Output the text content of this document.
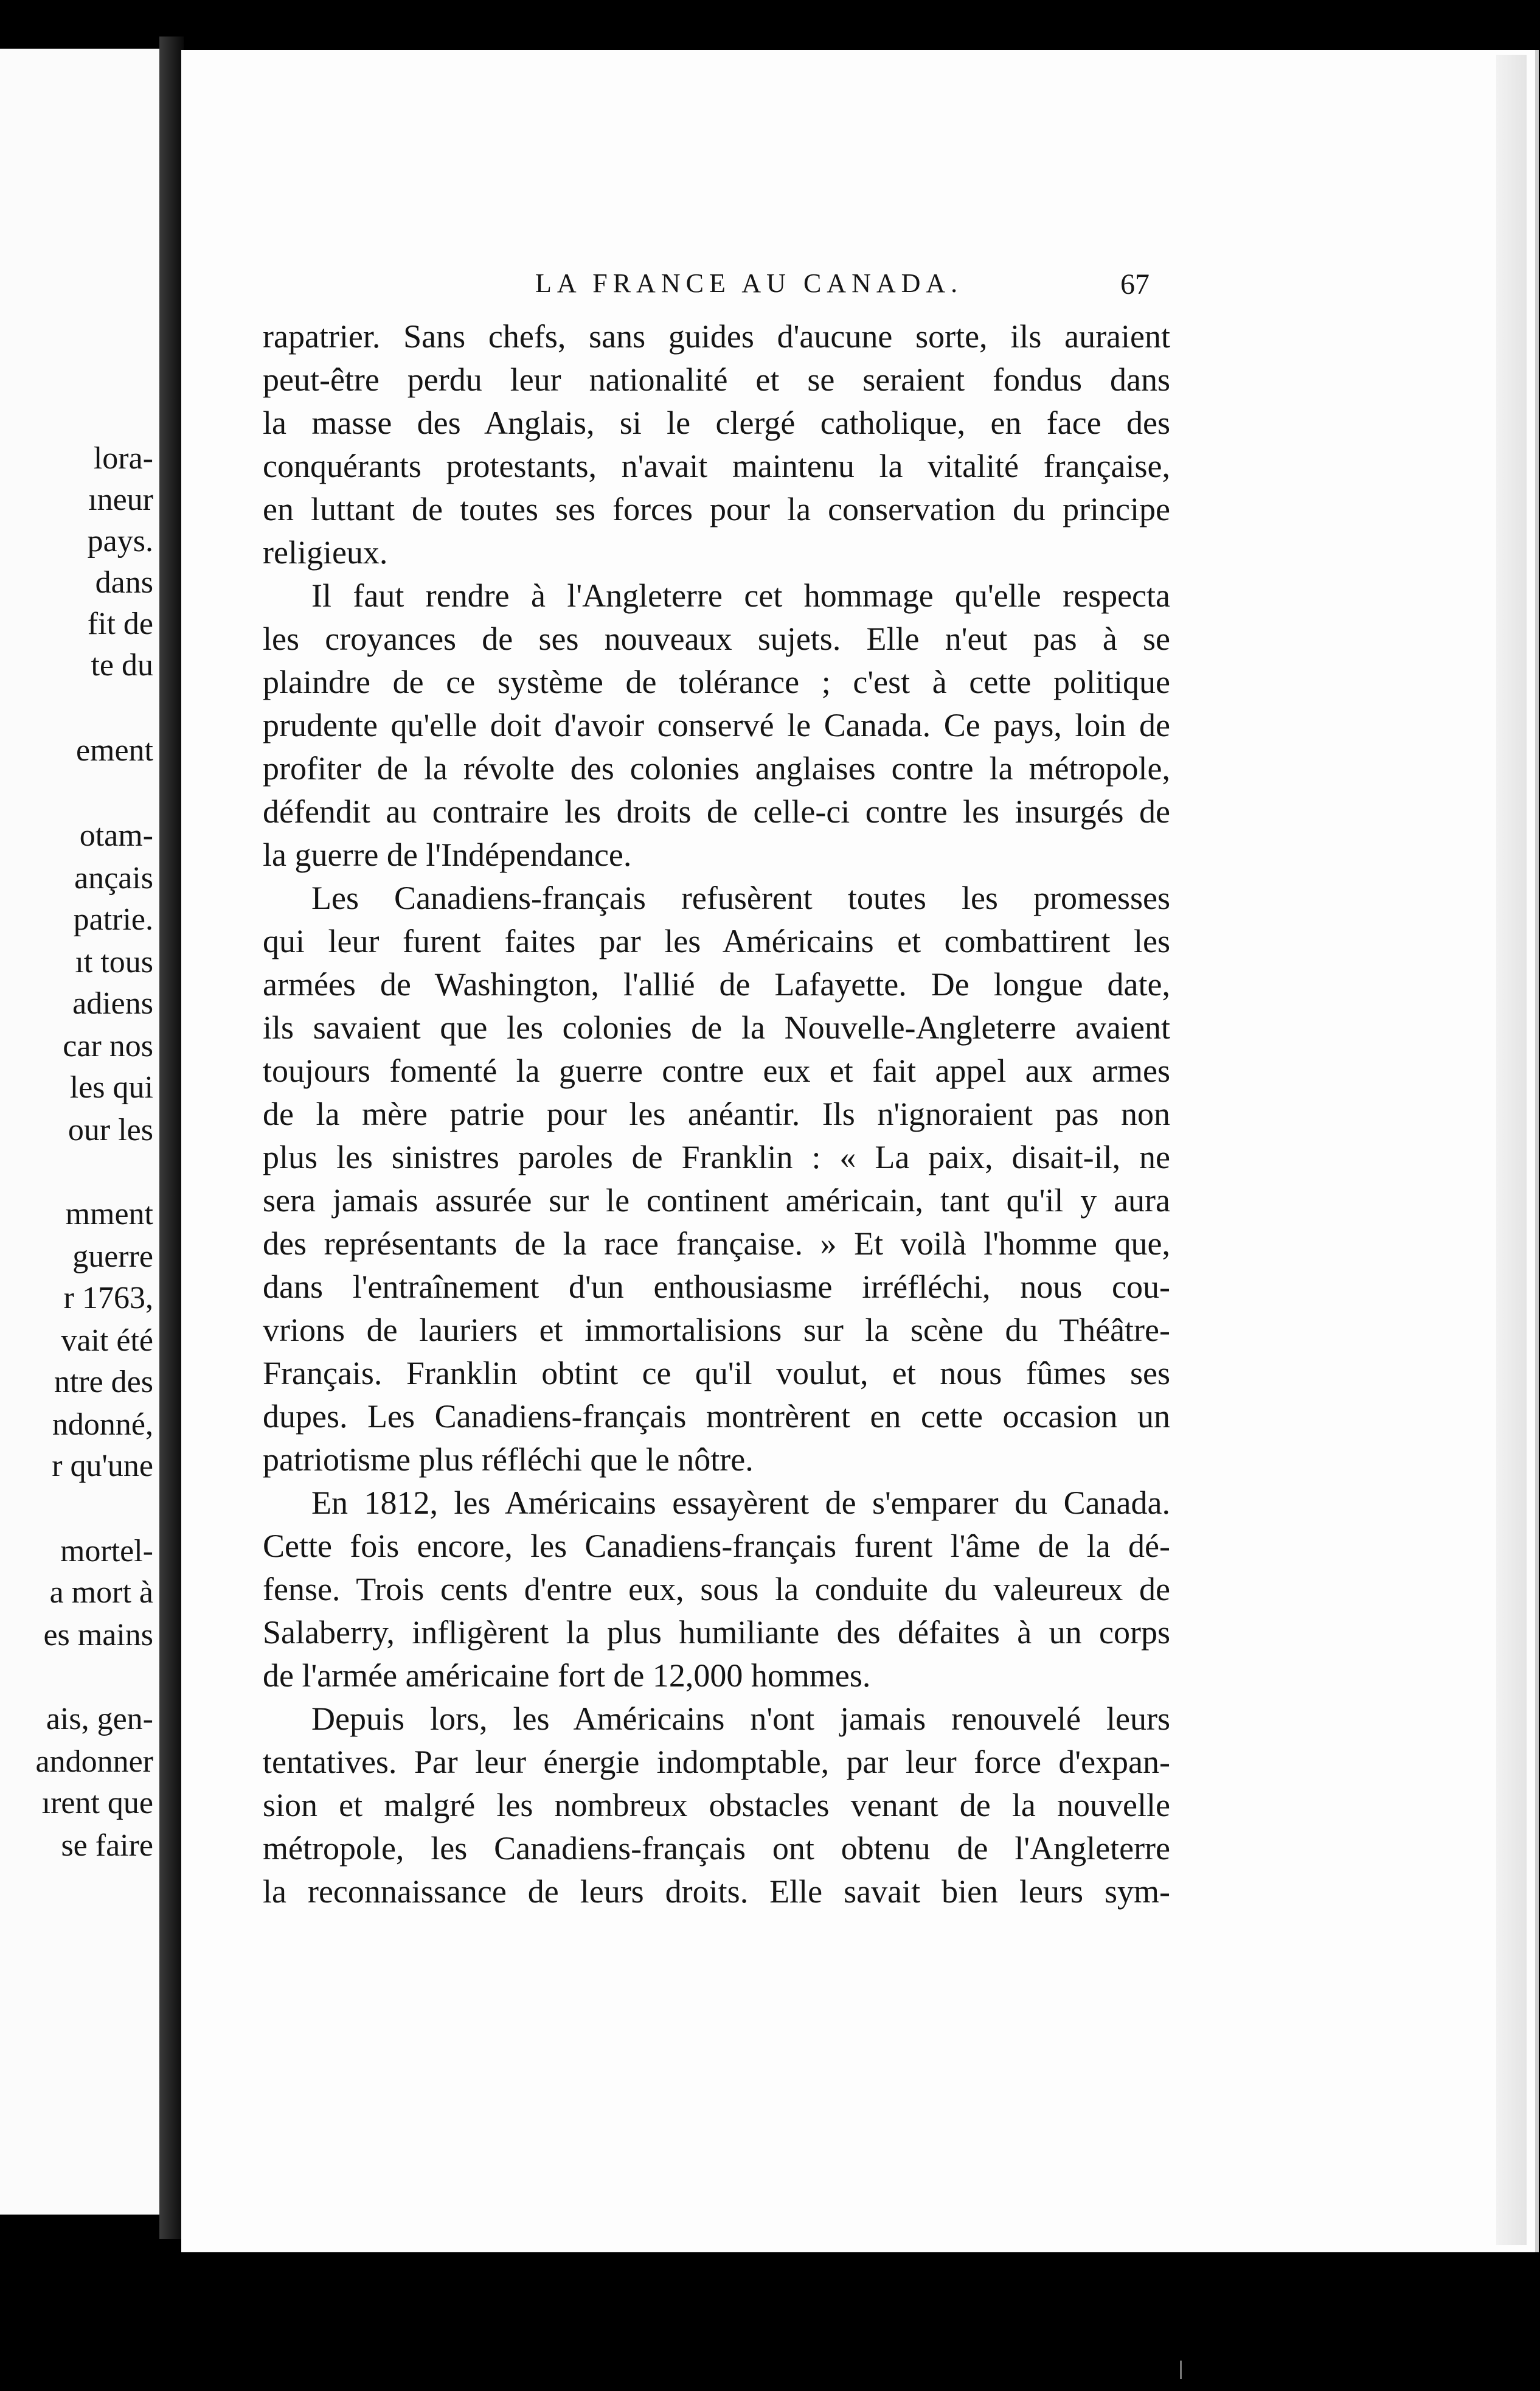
lora-
ıneur
pays.
dans
fit de
te du
ement
otam-
ançais
patrie.
ıt tous
adiens
car nos
les qui
our les
mment
guerre
r 1763,
vait été
ntre des
ndonné,
r qu'une
mortel-
a mort à
es mains
ais, gen-
andonner
ırent que
se faire
LA FRANCE AU CANADA.	67
rapatrier. Sans chefs, sans guides d'aucune sorte, ils auraient
peut-être perdu leur nationalité et se seraient fondus dans
la masse des Anglais, si le clergé catholique, en face des
conquérants protestants, n'avait maintenu la vitalité française,
en luttant de toutes ses forces pour la conservation du principe
religieux.
Il faut rendre à l'Angleterre cet hommage qu'elle respecta
les croyances de ses nouveaux sujets. Elle n'eut pas à se
plaindre de ce système de tolérance ; c'est à cette politique
prudente qu'elle doit d'avoir conservé le Canada. Ce pays, loin de
profiter de la révolte des colonies anglaises contre la métropole,
défendit au contraire les droits de celle-ci contre les insurgés de
la guerre de l'Indépendance.
Les Canadiens-français refusèrent toutes les promesses
qui leur furent faites par les Américains et combattirent les
armées de Washington, l'allié de Lafayette. De longue date,
ils savaient que les colonies de la Nouvelle-Angleterre avaient
toujours fomenté la guerre contre eux et fait appel aux armes
de la mère patrie pour les anéantir. Ils n'ignoraient pas non
plus les sinistres paroles de Franklin : « La paix, disait-il, ne
sera jamais assurée sur le continent américain, tant qu'il y aura
des représentants de la race française. » Et voilà l'homme que,
dans l'entraînement d'un enthousiasme irréfléchi, nous cou-
vrions de lauriers et immortalisions sur la scène du Théâtre-
Français. Franklin obtint ce qu'il voulut, et nous fûmes ses
dupes. Les Canadiens-français montrèrent en cette occasion un
patriotisme plus réfléchi que le nôtre.
En 1812, les Américains essayèrent de s'emparer du Canada.
Cette fois encore, les Canadiens-français furent l'âme de la dé-
fense. Trois cents d'entre eux, sous la conduite du valeureux de
Salaberry, infligèrent la plus humiliante des défaites à un corps
de l'armée américaine fort de 12,000 hommes.
Depuis lors, les Américains n'ont jamais renouvelé leurs
tentatives. Par leur énergie indomptable, par leur force d'expan-
sion et malgré les nombreux obstacles venant de la nouvelle
métropole, les Canadiens-français ont obtenu de l'Angleterre
la reconnaissance de leurs droits. Elle savait bien leurs sym-
